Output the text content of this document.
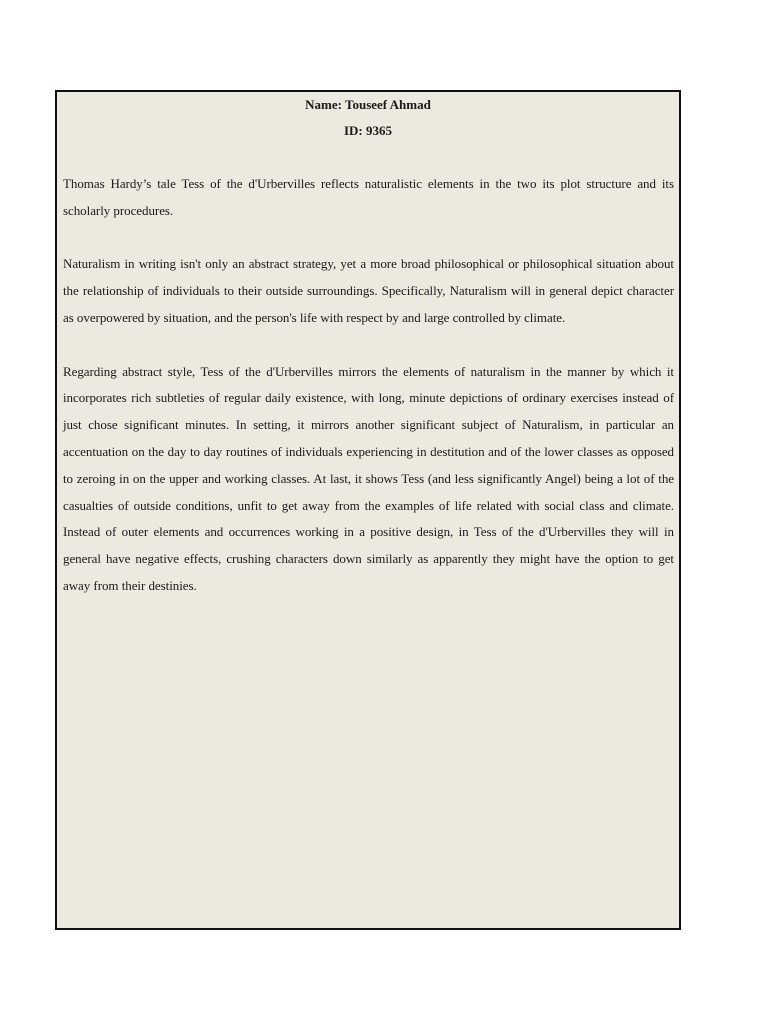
Name: Touseef Ahmad
ID: 9365

Thomas Hardy’s tale Tess of the d'Urbervilles reflects naturalistic elements in the two its plot structure and its scholarly procedures.

Naturalism in writing isn't only an abstract strategy, yet a more broad philosophical or philosophical situation about the relationship of individuals to their outside surroundings. Specifically, Naturalism will in general depict character as overpowered by situation, and the person's life with respect by and large controlled by climate.

Regarding abstract style, Tess of the d'Urbervilles mirrors the elements of naturalism in the manner by which it incorporates rich subtleties of regular daily existence, with long, minute depictions of ordinary exercises instead of just chose significant minutes. In setting, it mirrors another significant subject of Naturalism, in particular an accentuation on the day to day routines of individuals experiencing in destitution and of the lower classes as opposed to zeroing in on the upper and working classes. At last, it shows Tess (and less significantly Angel) being a lot of the casualties of outside conditions, unfit to get away from the examples of life related with social class and climate. Instead of outer elements and occurrences working in a positive design, in Tess of the d'Urbervilles they will in general have negative effects, crushing characters down similarly as apparently they might have the option to get away from their destinies.
